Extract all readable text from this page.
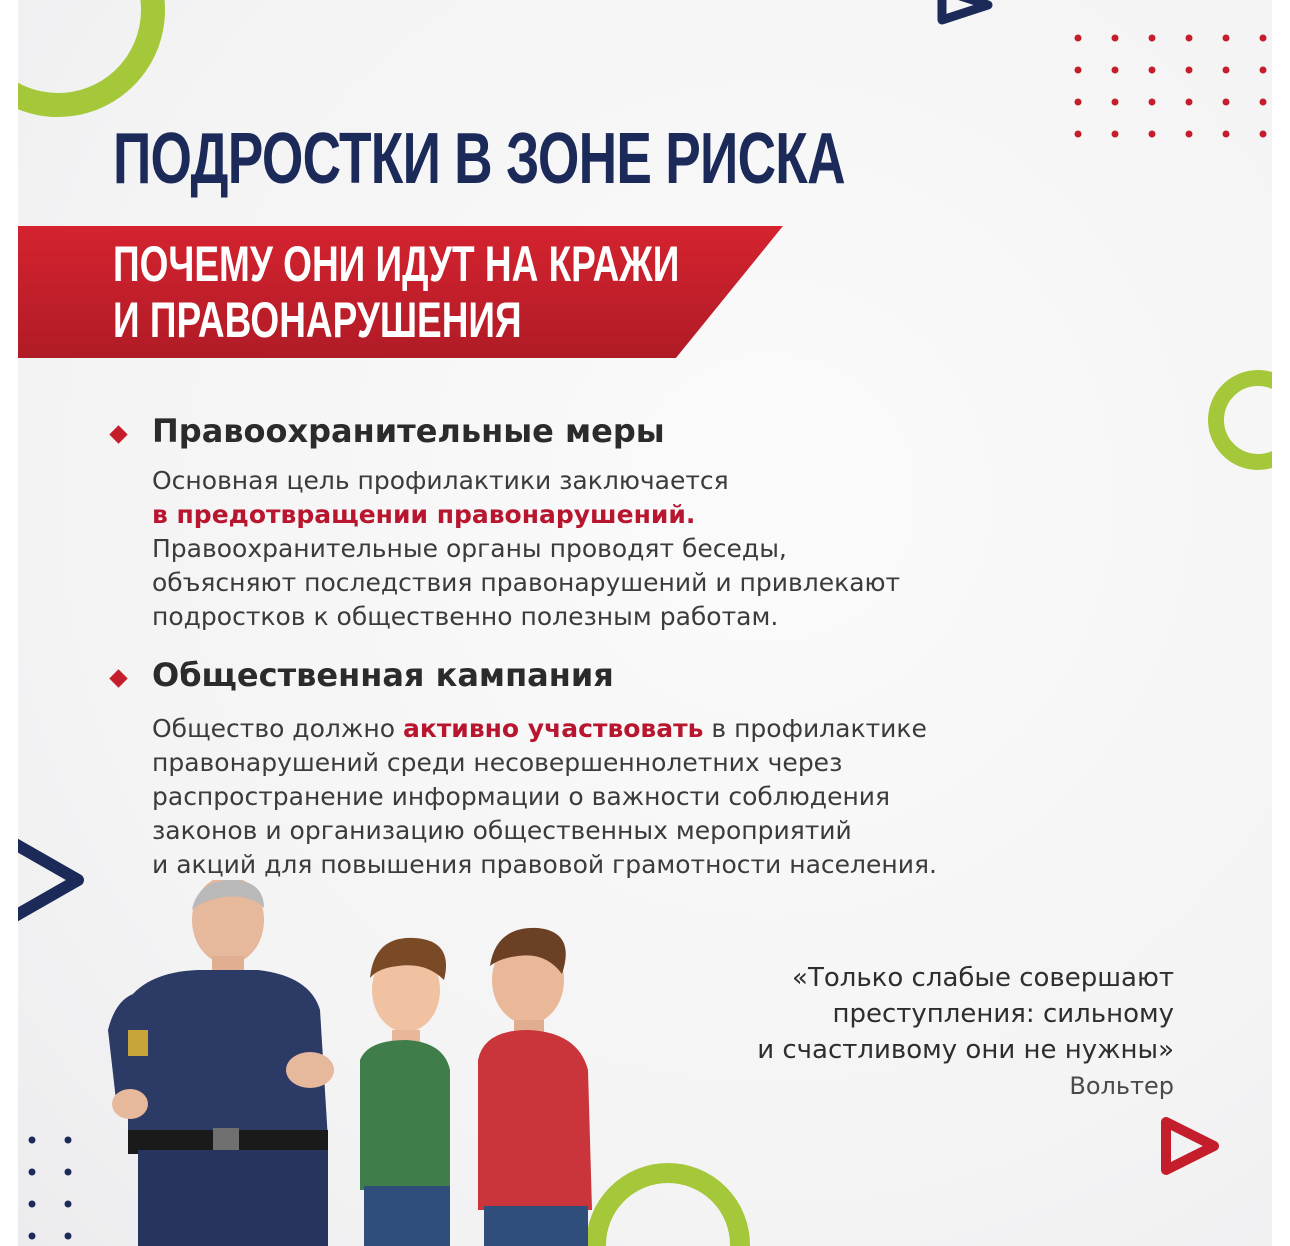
ПОДРОСТКИ В ЗОНЕ РИСКА
ПОЧЕМУ ОНИ ИДУТ НА КРАЖИ
И ПРАВОНАРУШЕНИЯ
Правоохранительные меры
Основная цель профилактики заключается
в предотвращении правонарушений.
Правоохранительные органы проводят беседы,
объясняют последствия правонарушений и привлекают
подростков к общественно полезным работам.
Общественная кампания
Общество должно активно участвовать в профилактике
правонарушений среди несовершеннолетних через
распространение информации о важности соблюдения
законов и организацию общественных мероприятий
и акций для повышения правовой грамотности населения.
«Только слабые совершают
преступления: сильному
и счастливому они не нужны»
Вольтер
